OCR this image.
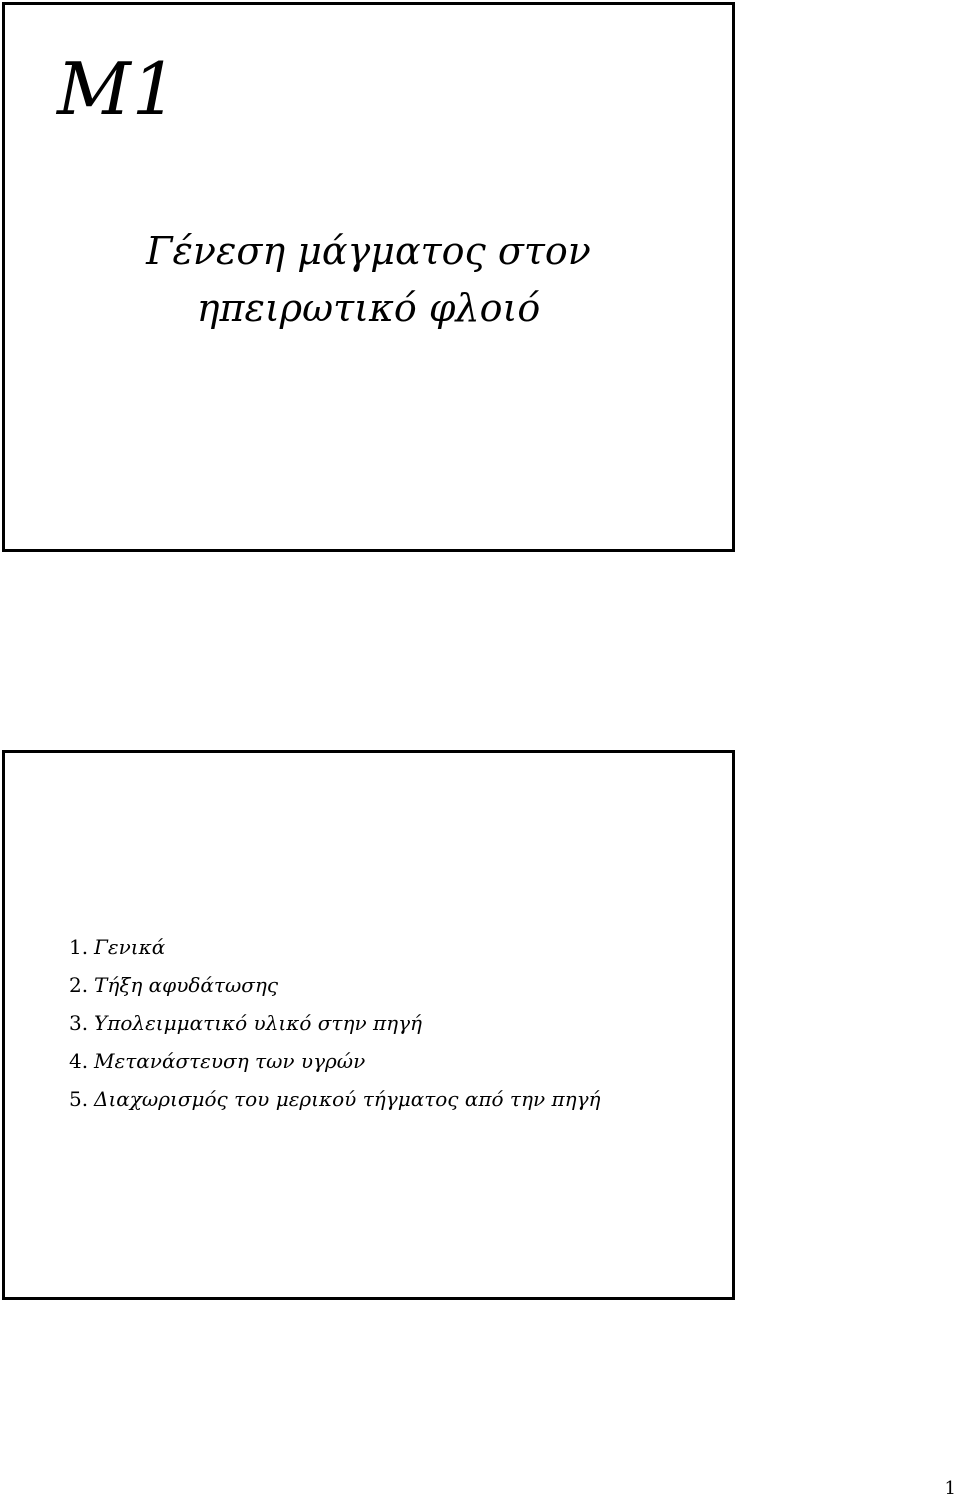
M1
Γένεση μάγματος στον
ηπειρωτικό φλοιό
1. Γενικά
2. Τήξη αφυδάτωσης
3. Υπολειμματικό υλικό στην πηγή
4. Μετανάστευση των υγρών
5. Διαχωρισμός του μερικού τήγματος από την πηγή
1
